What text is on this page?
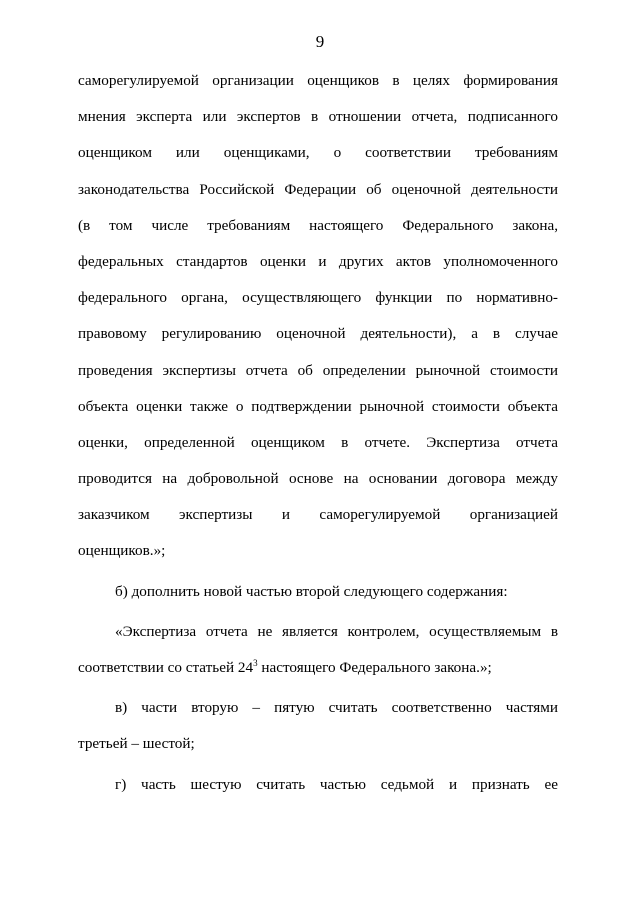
9
саморегулируемой организации оценщиков в целях формирования
мнения эксперта или экспертов в отношении отчета, подписанного
оценщиком или оценщиками, о соответствии требованиям
законодательства Российской Федерации об оценочной деятельности
(в том числе требованиям настоящего Федерального закона,
федеральных стандартов оценки и других актов уполномоченного
федерального органа, осуществляющего функции по нормативно-
правовому регулированию оценочной деятельности), а в случае
проведения экспертизы отчета об определении рыночной стоимости
объекта оценки также о подтверждении рыночной стоимости объекта
оценки, определенной оценщиком в отчете. Экспертиза отчета
проводится на добровольной основе на основании договора между
заказчиком экспертизы и саморегулируемой организацией
оценщиков.»;
б) дополнить новой частью второй следующего содержания:
«Экспертиза отчета не является контролем, осуществляемым в
соответствии со статьей $24^3$ настоящего Федерального закона.»;
в) части вторую – пятую считать соответственно частями
третьей – шестой;
г) часть шестую считать частью седьмой и признать ее
